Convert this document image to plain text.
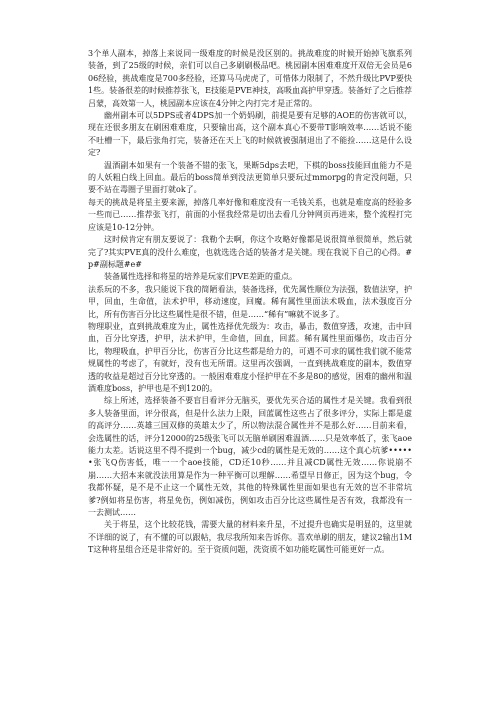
3个单人副本，掉落上来说同一级难度的时候是没区别的。挑战难度的时候开始掉飞旗系列装备，到了25级的时候，亲们可以自己多刷刷极品吧。桃园副本困难难度开双倍无会员是606经验，挑战难度是700多经验，还算马马虎虎了，可惜体力限制了，不然升级比PVP要快1些。装备很差的时候推荐张飞，E技能是PVE神技，高吸血高护甲穿透。装备好了之后推荐吕蒙，高效第一人，桃园副本应该在4分钟之内打完才是正常的。

幽州副本可以5DPS或者4DPS加一个奶妈刷，前提是要有足够的AOE的伤害就可以，现在还很多朋友在刷困难难度，只要输出高，这个副本真心不要带T影响效率……话说不能不吐槽一下，最后张角打完，装备还在天上飞的时候就被强制退出了不能捡……这是什么设定?

温酒副本如果有一个装备不错的张飞，果断5dps去吧，下棋的boss技能回血能力不是的人妖粗白线上回血。最后的boss简单到没法更简单只要玩过mmorpg的肯定没问题，只要不站在毒圈子里面打就ok了。

每天的挑战是将星主要来源，掉落几率好像和难度没有一毛钱关系，也就是难度高的经验多一些而已……推荐张飞打，前面的小怪我经常是切出去看几分钟网页再进来，整个流程打完应该是10-12分钟。

这时候肯定有朋友要说了：我勒个去啊，你这个攻略好像都是说很简单很简单，然后就完了?其实PVE真的没什么难度，也就选选合适的装备才是关键。现在我说下自己的心得。#p#副标题#e#

装备属性选择和将星的培养是玩家们PVE差距的重点。

法系玩的不多，我只能说下我的简陋看法，装备选择，优先属性顺位为法强，数值法穿，护甲，回血，生命值，法术护甲，移动速度，回魔。稀有属性里面法术吸血，法术强度百分比，所有伤害百分比这些属性是很不错，但是……“稀有”嘛就不说多了。

物理职业，直到挑战难度为止，属性选择优先级为：攻击，暴击，数值穿透，攻速，击中回血，百分比穿透，护甲，法术护甲，生命值，回血，回蓝。稀有属性里面爆伤，攻击百分比，物理吸血，护甲百分比，伤害百分比这些都是给力的，可遇不可求的属性我们就不能常规属性的考虑了，有就好，没有也无所谓。这里再次强调，一直到挑战难度的副本，数值穿透的收益是超过百分比穿透的。一般困难难度小怪护甲在不多是80的感觉，困难的幽州和温酒难度boss，护甲也是不到120的。

综上所述，选择装备不要盲目看评分无脑买，要优先买合适的属性才是关键。我看到很多人装备里面，评分很高，但是什么法力上限，回蓝属性这些占了很多评分，实际上都是虚的高评分……英雄三国双修的英雄太少了，所以物法混合属性并不是那么好……目前来看，会选属性的话，评分12000的25级张飞可以无脑单刷困难温酒……只是效率低了，张飞aoe能力太差。话说这里不得不提到一个bug，减少cd的属性是无效的……这个真心坑爹••••••张飞Q伤害低，唯一一个aoe技能，CD还10秒……并且减CD属性无效……你说崩不崩……大招本来就没法用算是作为一种平衡可以理解……希望早日修正，因为这个bug，令我都怀疑，是不是不止这一个属性无效，其他的特殊属性里面如果也有无效的岂不非常坑爹?例如将星伤害，将星免伤，例如减伤，例如攻击百分比这些属性是否有效，我都没有一一去测试……

关于将星，这个比较花钱，需要大量的材料来升星，不过提升也确实是明显的，这里就不详细的说了，有不懂的可以跟帖，我尽我所知来告诉你。喜欢单刷的朋友，建议2输出1MT这种将星组合还是非常好的。至于资质问题，洗资质不如功能吃属性可能更好一点。
